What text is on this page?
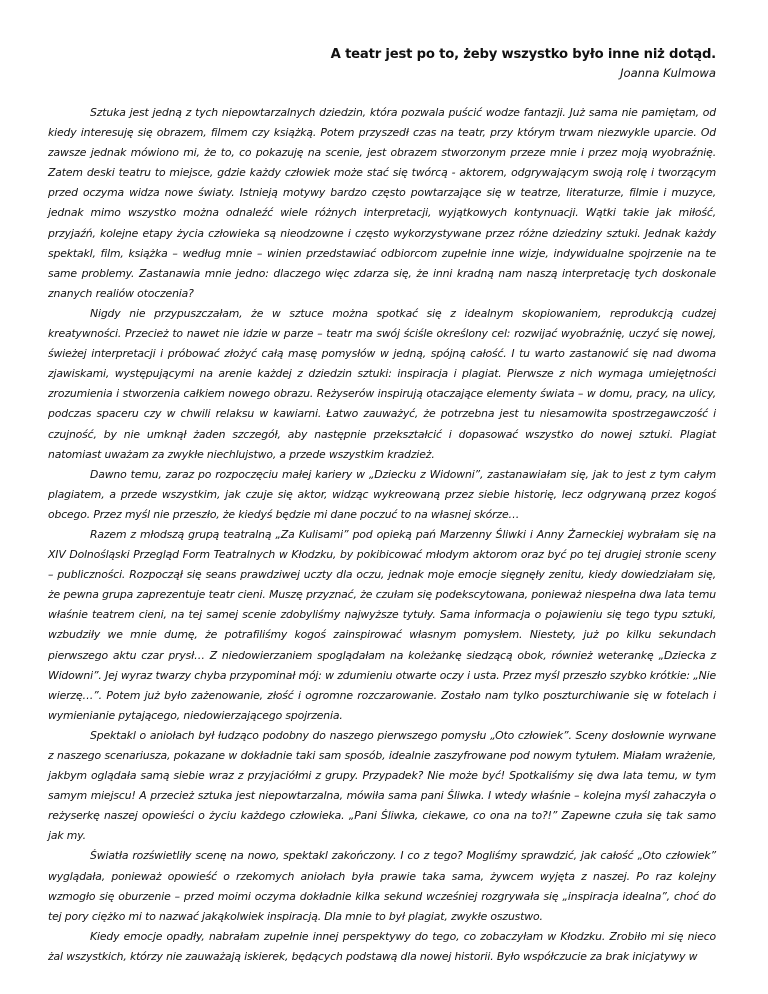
A teatr jest po to, żeby wszystko było inne niż dotąd.
Joanna Kulmowa

Sztuka jest jedną z tych niepowtarzalnych dziedzin, która pozwala puścić wodze fantazji. Już sama nie pamiętam, od kiedy interesuję się obrazem, filmem czy książką. Potem przyszedł czas na teatr, przy którym trwam niezwykle uparcie. Od zawsze jednak mówiono mi, że to, co pokazuję na scenie, jest obrazem stworzonym przeze mnie i przez moją wyobraźnię. Zatem deski teatru to miejsce, gdzie każdy człowiek może stać się twórcą - aktorem, odgrywającym swoją rolę i tworzącym przed oczyma widza nowe światy. Istnieją motywy bardzo często powtarzające się w teatrze, literaturze, filmie i muzyce, jednak mimo wszystko można odnaleźć wiele różnych interpretacji, wyjątkowych kontynuacji. Wątki takie jak miłość, przyjaźń, kolejne etapy życia człowieka są nieodzowne i często wykorzystywane przez różne dziedziny sztuki. Jednak każdy spektakl, film, książka – według mnie – winien przedstawiać odbiorcom zupełnie inne wizje, indywidualne spojrzenie na te same problemy. Zastanawia mnie jedno: dlaczego więc zdarza się, że inni kradną nam naszą interpretację tych doskonale znanych realiów otoczenia?

Nigdy nie przypuszczałam, że w sztuce można spotkać się z idealnym skopiowaniem, reprodukcją cudzej kreatywności. Przecież to nawet nie idzie w parze – teatr ma swój ściśle określony cel: rozwijać wyobraźnię, uczyć się nowej, świeżej interpretacji i próbować złożyć całą masę pomysłów w jedną, spójną całość. I tu warto zastanowić się nad dwoma zjawiskami, występującymi na arenie każdej z dziedzin sztuki: inspiracja i plagiat. Pierwsze z nich wymaga umiejętności zrozumienia i stworzenia całkiem nowego obrazu. Reżyserów inspirują otaczające elementy świata – w domu, pracy, na ulicy, podczas spaceru czy w chwili relaksu w kawiarni. Łatwo zauważyć, że potrzebna jest tu niesamowita spostrzegawczość i czujność, by nie umknął żaden szczegół, aby następnie przekształcić i dopasować wszystko do nowej sztuki. Plagiat natomiast uważam za zwykłe niechlujstwo, a przede wszystkim kradzież.

Dawno temu, zaraz po rozpoczęciu małej kariery w „Dziecku z Widowni”, zastanawiałam się, jak to jest z tym całym plagiatem, a przede wszystkim, jak czuje się aktor, widząc wykreowaną przez siebie historię, lecz odgrywaną przez kogoś obcego. Przez myśl nie przeszło, że kiedyś będzie mi dane poczuć to na własnej skórze…

Razem z młodszą grupą teatralną „Za Kulisami” pod opieką pań Marzenny Śliwki i Anny Żarneckiej wybrałam się na XIV Dolnośląski Przegląd Form Teatralnych w Kłodzku, by pokibicować młodym aktorom oraz być po tej drugiej stronie sceny – publiczności. Rozpoczął się seans prawdziwej uczty dla oczu, jednak moje emocje sięgnęły zenitu, kiedy dowiedziałam się, że pewna grupa zaprezentuje teatr cieni. Muszę przyznać, że czułam się podekscytowana, ponieważ niespełna dwa lata temu właśnie teatrem cieni, na tej samej scenie zdobyliśmy najwyższe tytuły. Sama informacja o pojawieniu się tego typu sztuki, wzbudziły we mnie dumę, że potrafiliśmy kogoś zainspirować własnym pomysłem. Niestety, już po kilku sekundach pierwszego aktu czar prysł… Z niedowierzaniem spoglądałam na koleżankę siedzącą obok, również weterankę „Dziecka z Widowni”. Jej wyraz twarzy chyba przypominał mój: w zdumieniu otwarte oczy i usta. Przez myśl przeszło szybko krótkie: „Nie wierzę…”. Potem już było zażenowanie, złość i ogromne rozczarowanie. Zostało nam tylko poszturchiwanie się w fotelach i wymienianie pytającego, niedowierzającego spojrzenia.

Spektakl o aniołach był łudząco podobny do naszego pierwszego pomysłu „Oto człowiek”. Sceny dosłownie wyrwane z naszego scenariusza, pokazane w dokładnie taki sam sposób, idealnie zaszyfrowane pod nowym tytułem. Miałam wrażenie, jakbym oglądała samą siebie wraz z przyjaciółmi z grupy. Przypadek? Nie może być! Spotkaliśmy się dwa lata temu, w tym samym miejscu! A przecież sztuka jest niepowtarzalna, mówiła sama pani Śliwka. I wtedy właśnie – kolejna myśl zahaczyła o reżyserkę naszej opowieści o życiu każdego człowieka. „Pani Śliwka, ciekawe, co ona na to?!” Zapewne czuła się tak samo jak my.

Światła rozświetliły scenę na nowo, spektakl zakończony. I co z tego? Mogliśmy sprawdzić, jak całość „Oto człowiek” wyglądała, ponieważ opowieść o rzekomych aniołach była prawie taka sama, żywcem wyjęta z naszej. Po raz kolejny wzmogło się oburzenie – przed moimi oczyma dokładnie kilka sekund wcześniej rozgrywała się „inspiracja idealna”, choć do tej pory ciężko mi to nazwać jakąkolwiek inspiracją. Dla mnie to był plagiat, zwykłe oszustwo.

Kiedy emocje opadły, nabrałam zupełnie innej perspektywy do tego, co zobaczyłam w Kłodzku. Zrobiło mi się nieco żal wszystkich, którzy nie zauważają iskierek, będących podstawą dla nowej historii. Było współczucie za brak inicjatywy w
